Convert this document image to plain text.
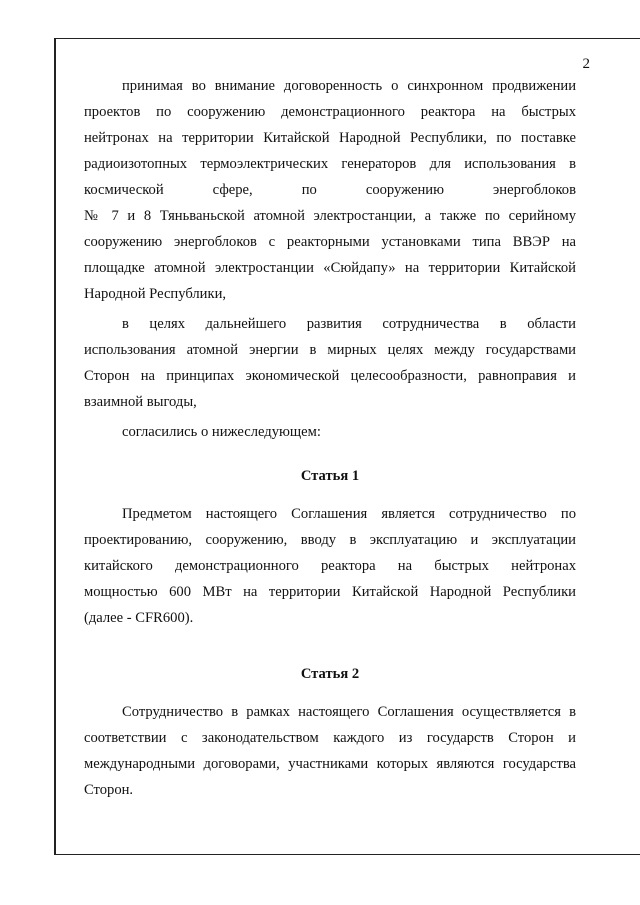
2

принимая во внимание договоренность о синхронном продвижении
проектов по сооружению демонстрационного реактора на быстрых
нейтронах на территории Китайской Народной Республики, по поставке
радиоизотопных термоэлектрических генераторов для использования в
космической сфере, по сооружению энергоблоков
№ 7 и 8 Тяньваньской атомной электростанции, а также по серийному
сооружению энергоблоков с реакторными установками типа ВВЭР на
площадке атомной электростанции «Сюйдапу» на территории Китайской
Народной Республики,

в целях дальнейшего развития сотрудничества в области
использования атомной энергии в мирных целях между государствами
Сторон на принципах экономической целесообразности, равноправия и
взаимной выгоды,

согласились о нижеследующем:

Статья 1

Предметом настоящего Соглашения является сотрудничество по
проектированию, сооружению, вводу в эксплуатацию и эксплуатации
китайского демонстрационного реактора на быстрых нейтронах
мощностью 600 МВт на территории Китайской Народной Республики
(далее - CFR600).

Статья 2

Сотрудничество в рамках настоящего Соглашения осуществляется в
соответствии с законодательством каждого из государств Сторон и
международными договорами, участниками которых являются государства
Сторон.
